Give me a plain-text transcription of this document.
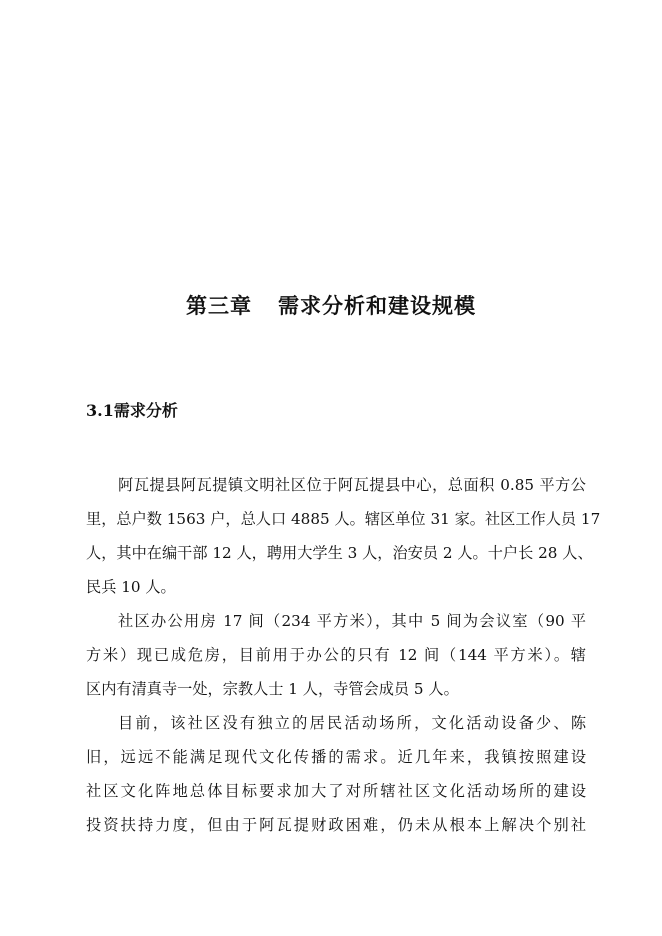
第三章 需求分析和建设规模
3.1需求分析
阿瓦提县阿瓦提镇文明社区位于阿瓦提县中心，总面积 0.85 平方公
里，总户数 1563 户，总人口 4885 人。辖区单位 31 家。社区工作人员 17
人，其中在编干部 12 人，聘用大学生 3 人，治安员 2 人。十户长 28 人、
民兵 10 人。
社区办公用房 17 间（234 平方米），其中 5 间为会议室（90 平
方米）现已成危房，目前用于办公的只有 12 间（144 平方米）。辖
区内有清真寺一处，宗教人士 1 人，寺管会成员 5 人。
目前，该社区没有独立的居民活动场所，文化活动设备少、陈
旧，远远不能满足现代文化传播的需求。近几年来，我镇按照建设
社区文化阵地总体目标要求加大了对所辖社区文化活动场所的建设
投资扶持力度，但由于阿瓦提财政困难，仍未从根本上解决个别社
